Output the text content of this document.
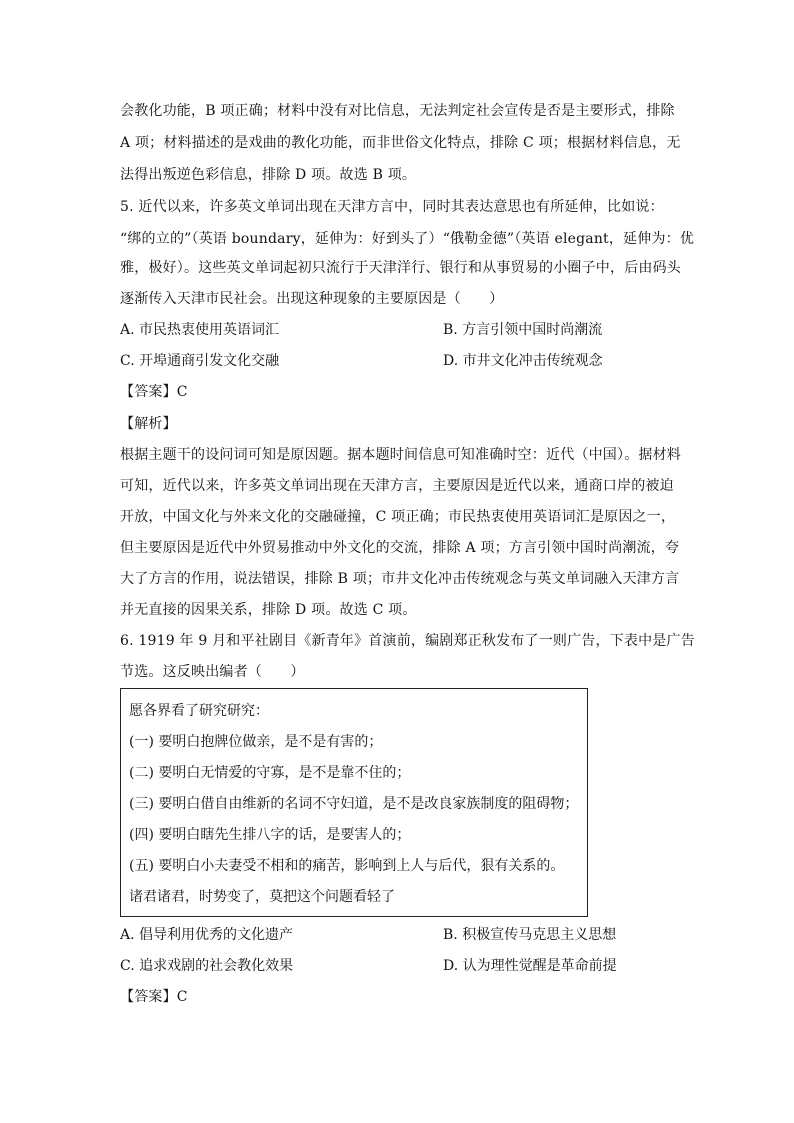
会教化功能，B 项正确；材料中没有对比信息，无法判定社会宣传是否是主要形式，排除
A 项；材料描述的是戏曲的教化功能，而非世俗文化特点，排除 C 项；根据材料信息，无
法得出叛逆色彩信息，排除 D 项。故选 B 项。
5. 近代以来，许多英文单词出现在天津方言中，同时其表达意思也有所延伸，比如说：
“绑的立的”（英语 boundary，延伸为：好到头了）“俄勒金德”（英语 elegant，延伸为：优
雅，极好）。这些英文单词起初只流行于天津洋行、银行和从事贸易的小圈子中，后由码头
逐渐传入天津市民社会。出现这种现象的主要原因是（　　）
A. 市民热衷使用英语词汇	B. 方言引领中国时尚潮流
C. 开埠通商引发文化交融	D. 市井文化冲击传统观念
【答案】C
【解析】
根据主题干的设问词可知是原因题。据本题时间信息可知准确时空：近代（中国）。据材料
可知，近代以来，许多英文单词出现在天津方言，主要原因是近代以来，通商口岸的被迫
开放，中国文化与外来文化的交融碰撞，C 项正确；市民热衷使用英语词汇是原因之一，
但主要原因是近代中外贸易推动中外文化的交流，排除 A 项；方言引领中国时尚潮流，夸
大了方言的作用，说法错误，排除 B 项；市井文化冲击传统观念与英文单词融入天津方言
并无直接的因果关系，排除 D 项。故选 C 项。
6. 1919 年 9 月和平社剧目《新青年》首演前，编剧郑正秋发布了一则广告，下表中是广告
节选。这反映出编者（　　）
愿各界看了研究研究：
(一) 要明白抱牌位做亲，是不是有害的；
(二) 要明白无情爱的守寡，是不是靠不住的；
(三) 要明白借自由维新的名词不守妇道，是不是改良家族制度的阻碍物；
(四) 要明白瞎先生排八字的话，是要害人的；
(五) 要明白小夫妻受不相和的痛苦，影响到上人与后代，狠有关系的。
诸君诸君，时势变了，莫把这个问题看轻了
A. 倡导利用优秀的文化遗产	B. 积极宣传马克思主义思想
C. 追求戏剧的社会教化效果	D. 认为理性觉醒是革命前提
【答案】C
